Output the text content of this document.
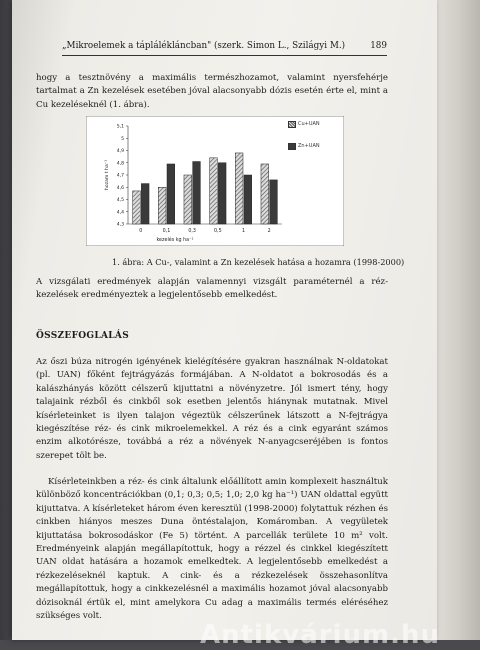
„Mikroelemek a táplálékláncban" (szerk. Simon L., Szilágyi M.)	189

hogy a tesztnövény a maximális természhozamot, valamint nyersfehérje tartalmat a Zn kezelések esetében jóval alacsonyabb dózis esetén érte el, mint a Cu kezeléseknél (1. ábra).

4,3
4,4
4,5
4,6
4,7
4,8
4,9
5
5,1
hozam t ha⁻¹
0	0,1	0,3	0,5	1	2
kezelés kg ha⁻¹
Cu+UAN
Zn+UAN

1. ábra: A Cu-, valamint a Zn kezelések hatása a hozamra (1998-2000)

A vizsgálati eredmények alapján valamennyi vizsgált paraméternél a réz-kezelések eredményeztek a legjelentősebb emelkedést.

ÖSSZEFOGLALÁS

Az őszi búza nitrogén igényének kielégítésére gyakran használnak N-oldatokat (pl. UAN) főként fejtrágyázás formájában. A N-oldatot a bokrosodás és a kalászhányás között célszerű kijuttatni a növényzetre. Jól ismert tény, hogy talajaink rézből és cinkből sok esetben jelentős hiánynak mutatnak. Mivel kísérleteinket is ilyen talajon végeztük célszerűnek látszott a N-fejtrágya kiegészítése réz- és cink mikroelemekkel. A réz és a cink egyaránt számos enzim alkotórésze, továbbá a réz a növények N-anyagcseréjében is fontos szerepet tölt be.

Kísérleteinkben a réz- és cink általunk előállított amin komplexeit használtuk különböző koncentrációkban (0,1; 0,3; 0,5; 1,0; 2,0 kg ha⁻¹) UAN oldattal együtt kijuttatva. A kísérleteket három éven keresztül (1998-2000) folytattuk rézhen és cinkben hiányos meszes Duna öntéstalajon, Komáromban. A vegyületek kijuttatása bokrosodáskor (Fe 5) történt. A parcellák területe 10 m² volt. Eredményeink alapján megállapítottuk, hogy a rézzel és cinkkel kiegészített UAN oldat hatására a hozamok emelkedtek. A legjelentősebb emelkedést a rézkezeléseknél kaptuk. A cink- és a rézkezelések összehasonlítva megállapítottuk, hogy a cinkkezelésnél a maximális hozamot jóval alacsonyabb dózisoknál értük el, mint amelykora Cu adag a maximális termés eléréséhez szükséges volt.

Antikvárium.hu
